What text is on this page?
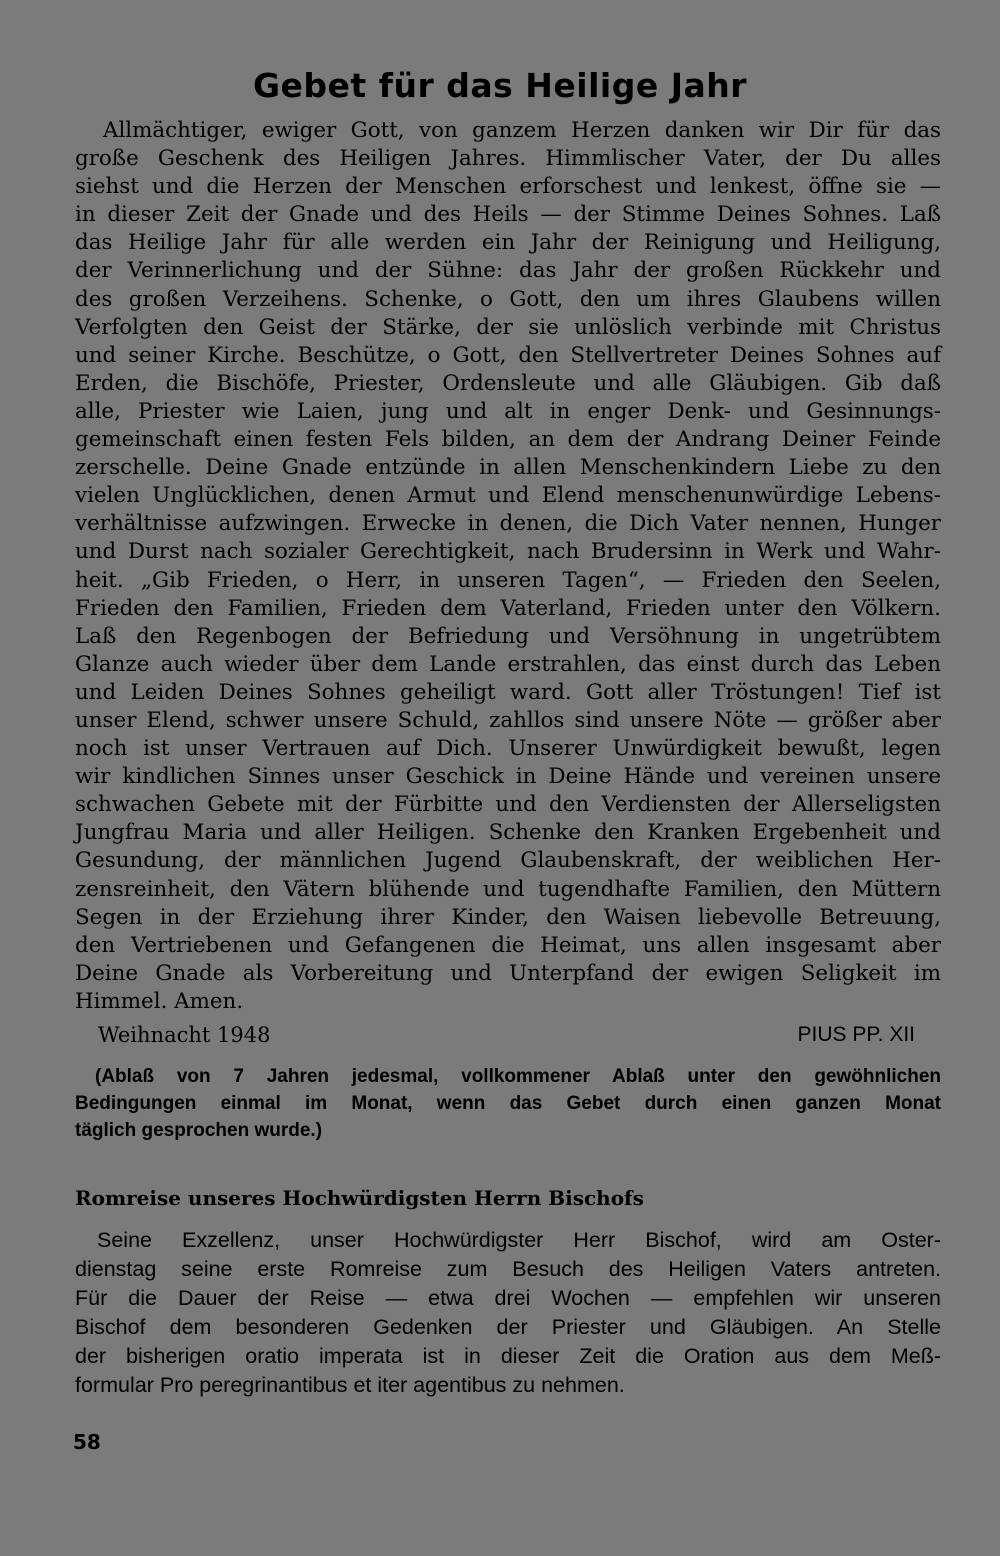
Gebet für das Heilige Jahr
Allmächtiger, ewiger Gott, von ganzem Herzen danken wir Dir für das
große Geschenk des Heiligen Jahres. Himmlischer Vater, der Du alles
siehst und die Herzen der Menschen erforschest und lenkest, öffne sie —
in dieser Zeit der Gnade und des Heils — der Stimme Deines Sohnes. Laß
das Heilige Jahr für alle werden ein Jahr der Reinigung und Heiligung,
der Verinnerlichung und der Sühne: das Jahr der großen Rückkehr und
des großen Verzeihens. Schenke, o Gott, den um ihres Glaubens willen
Verfolgten den Geist der Stärke, der sie unlöslich verbinde mit Christus
und seiner Kirche. Beschütze, o Gott, den Stellvertreter Deines Sohnes auf
Erden, die Bischöfe, Priester, Ordensleute und alle Gläubigen. Gib daß
alle, Priester wie Laien, jung und alt in enger Denk- und Gesinnungs-
gemeinschaft einen festen Fels bilden, an dem der Andrang Deiner Feinde
zerschelle. Deine Gnade entzünde in allen Menschenkindern Liebe zu den
vielen Unglücklichen, denen Armut und Elend menschenunwürdige Lebens-
verhältnisse aufzwingen. Erwecke in denen, die Dich Vater nennen, Hunger
und Durst nach sozialer Gerechtigkeit, nach Brudersinn in Werk und Wahr-
heit. „Gib Frieden, o Herr, in unseren Tagen“, — Frieden den Seelen,
Frieden den Familien, Frieden dem Vaterland, Frieden unter den Völkern.
Laß den Regenbogen der Befriedung und Versöhnung in ungetrübtem
Glanze auch wieder über dem Lande erstrahlen, das einst durch das Leben
und Leiden Deines Sohnes geheiligt ward. Gott aller Tröstungen! Tief ist
unser Elend, schwer unsere Schuld, zahllos sind unsere Nöte — größer aber
noch ist unser Vertrauen auf Dich. Unserer Unwürdigkeit bewußt, legen
wir kindlichen Sinnes unser Geschick in Deine Hände und vereinen unsere
schwachen Gebete mit der Fürbitte und den Verdiensten der Allerseligsten
Jungfrau Maria und aller Heiligen. Schenke den Kranken Ergebenheit und
Gesundung, der männlichen Jugend Glaubenskraft, der weiblichen Her-
zensreinheit, den Vätern blühende und tugendhafte Familien, den Müttern
Segen in der Erziehung ihrer Kinder, den Waisen liebevolle Betreuung,
den Vertriebenen und Gefangenen die Heimat, uns allen insgesamt aber
Deine Gnade als Vorbereitung und Unterpfand der ewigen Seligkeit im
Himmel. Amen.

Weihnacht 1948	PIUS PP. XII

(Ablaß von 7 Jahren jedesmal, vollkommener Ablaß unter den gewöhnlichen
Bedingungen einmal im Monat, wenn das Gebet durch einen ganzen Monat
täglich gesprochen wurde.)
Romreise unseres Hochwürdigsten Herrn Bischofs
Seine Exzellenz, unser Hochwürdigster Herr Bischof, wird am Oster-
dienstag seine erste Romreise zum Besuch des Heiligen Vaters antreten.
Für die Dauer der Reise — etwa drei Wochen — empfehlen wir unseren
Bischof dem besonderen Gedenken der Priester und Gläubigen. An Stelle
der bisherigen oratio imperata ist in dieser Zeit die Oration aus dem Meß-
formular Pro peregrinantibus et iter agentibus zu nehmen.

58
